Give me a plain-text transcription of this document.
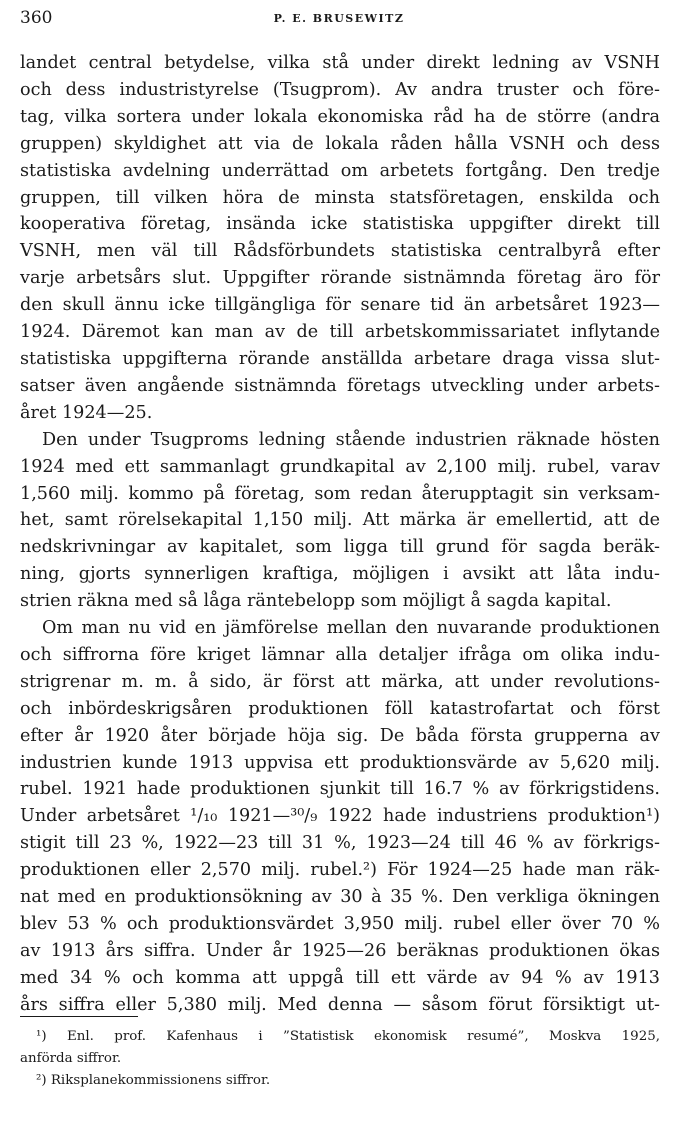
360	P. E. BRUSEWITZ
landet central betydelse, vilka stå under direkt ledning av VSNH
och dess industristyrelse (Tsugprom). Av andra truster och före-
tag, vilka sortera under lokala ekonomiska råd ha de större (andra
gruppen) skyldighet att via de lokala råden hålla VSNH och dess
statistiska avdelning underrättad om arbetets fortgång. Den tredje
gruppen, till vilken höra de minsta statsföretagen, enskilda och
kooperativa företag, insända icke statistiska uppgifter direkt till
VSNH, men väl till Rådsförbundets statistiska centralbyrå efter
varje arbetsårs slut. Uppgifter rörande sistnämnda företag äro för
den skull ännu icke tillgängliga för senare tid än arbetsåret 1923—
1924. Däremot kan man av de till arbetskommissariatet inflytande
statistiska uppgifterna rörande anställda arbetare draga vissa slut-
satser även angående sistnämnda företags utveckling under arbets-
året 1924—25.
Den under Tsugproms ledning stående industrien räknade hösten
1924 med ett sammanlagt grundkapital av 2,100 milj. rubel, varav
1,560 milj. kommo på företag, som redan återupptagit sin verksam-
het, samt rörelsekapital 1,150 milj. Att märka är emellertid, att de
nedskrivningar av kapitalet, som ligga till grund för sagda beräk-
ning, gjorts synnerligen kraftiga, möjligen i avsikt att låta indu-
strien räkna med så låga räntebelopp som möjligt å sagda kapital.
Om man nu vid en jämförelse mellan den nuvarande produktionen
och siffrorna före kriget lämnar alla detaljer ifråga om olika indu-
strigrenar m. m. å sido, är först att märka, att under revolutions-
och inbördeskrigsåren produktionen föll katastrofartat och först
efter år 1920 åter började höja sig. De båda första grupperna av
industrien kunde 1913 uppvisa ett produktionsvärde av 5,620 milj.
rubel. 1921 hade produktionen sjunkit till 16.7 % av förkrigstidens.
Under arbetsåret ¹/₁₀ 1921—³⁰/₉ 1922 hade industriens produktion¹)
stigit till 23 %, 1922—23 till 31 %, 1923—24 till 46 % av förkrigs-
produktionen eller 2,570 milj. rubel.²) För 1924—25 hade man räk-
nat med en produktionsökning av 30 à 35 %. Den verkliga ökningen
blev 53 % och produktionsvärdet 3,950 milj. rubel eller över 70 %
av 1913 års siffra. Under år 1925—26 beräknas produktionen ökas
med 34 % och komma att uppgå till ett värde av 94 % av 1913
års siffra eller 5,380 milj. Med denna — såsom förut försiktigt ut-
¹) Enl. prof. Kafenhaus i ”Statistisk ekonomisk resumé”, Moskva 1925,
anförda siffror.
²) Riksplanekommissionens siffror.
